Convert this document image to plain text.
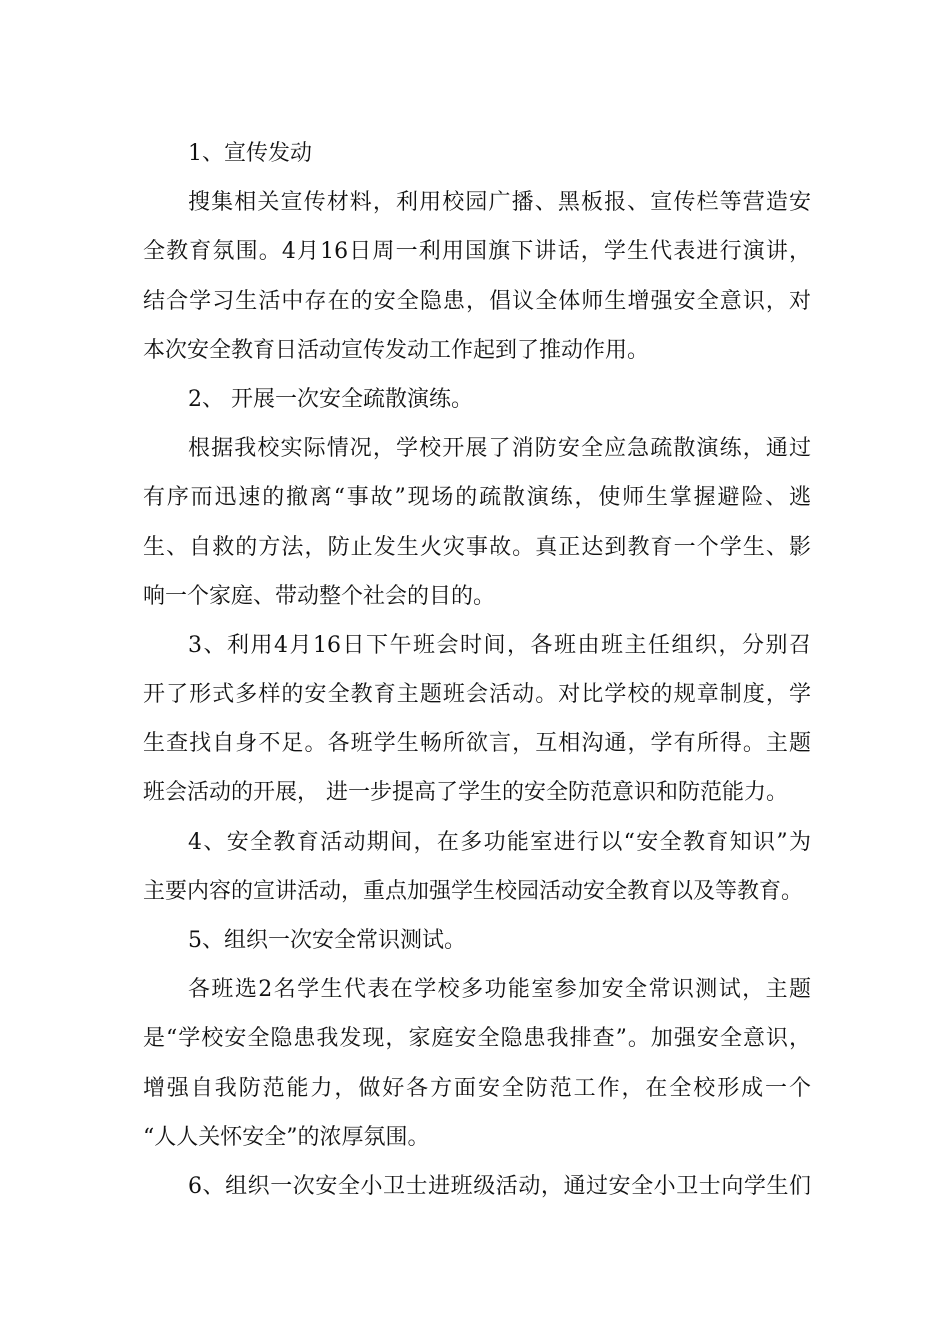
1、宣传发动
搜集相关宣传材料，利用校园广播、黑板报、宣传栏等营造安
全教育氛围。4月16日周一利用国旗下讲话，学生代表进行演讲，
结合学习生活中存在的安全隐患，倡议全体师生增强安全意识，对
本次安全教育日活动宣传发动工作起到了推动作用。
2、 开展一次安全疏散演练。
根据我校实际情况，学校开展了消防安全应急疏散演练，通过
有序而迅速的撤离“事故”现场的疏散演练，使师生掌握避险、逃
生、自救的方法，防止发生火灾事故。真正达到教育一个学生、影
响一个家庭、带动整个社会的目的。
3、利用4月16日下午班会时间，各班由班主任组织，分别召
开了形式多样的安全教育主题班会活动。对比学校的规章制度，学
生查找自身不足。各班学生畅所欲言，互相沟通，学有所得。主题
班会活动的开展， 进一步提高了学生的安全防范意识和防范能力。
4、安全教育活动期间，在多功能室进行以“安全教育知识”为
主要内容的宣讲活动，重点加强学生校园活动安全教育以及等教育。
5、组织一次安全常识测试。
各班选2名学生代表在学校多功能室参加安全常识测试，主题
是“学校安全隐患我发现，家庭安全隐患我排查”。加强安全意识，
增强自我防范能力，做好各方面安全防范工作，在全校形成一个
“人人关怀安全”的浓厚氛围。
6、组织一次安全小卫士进班级活动，通过安全小卫士向学生们
